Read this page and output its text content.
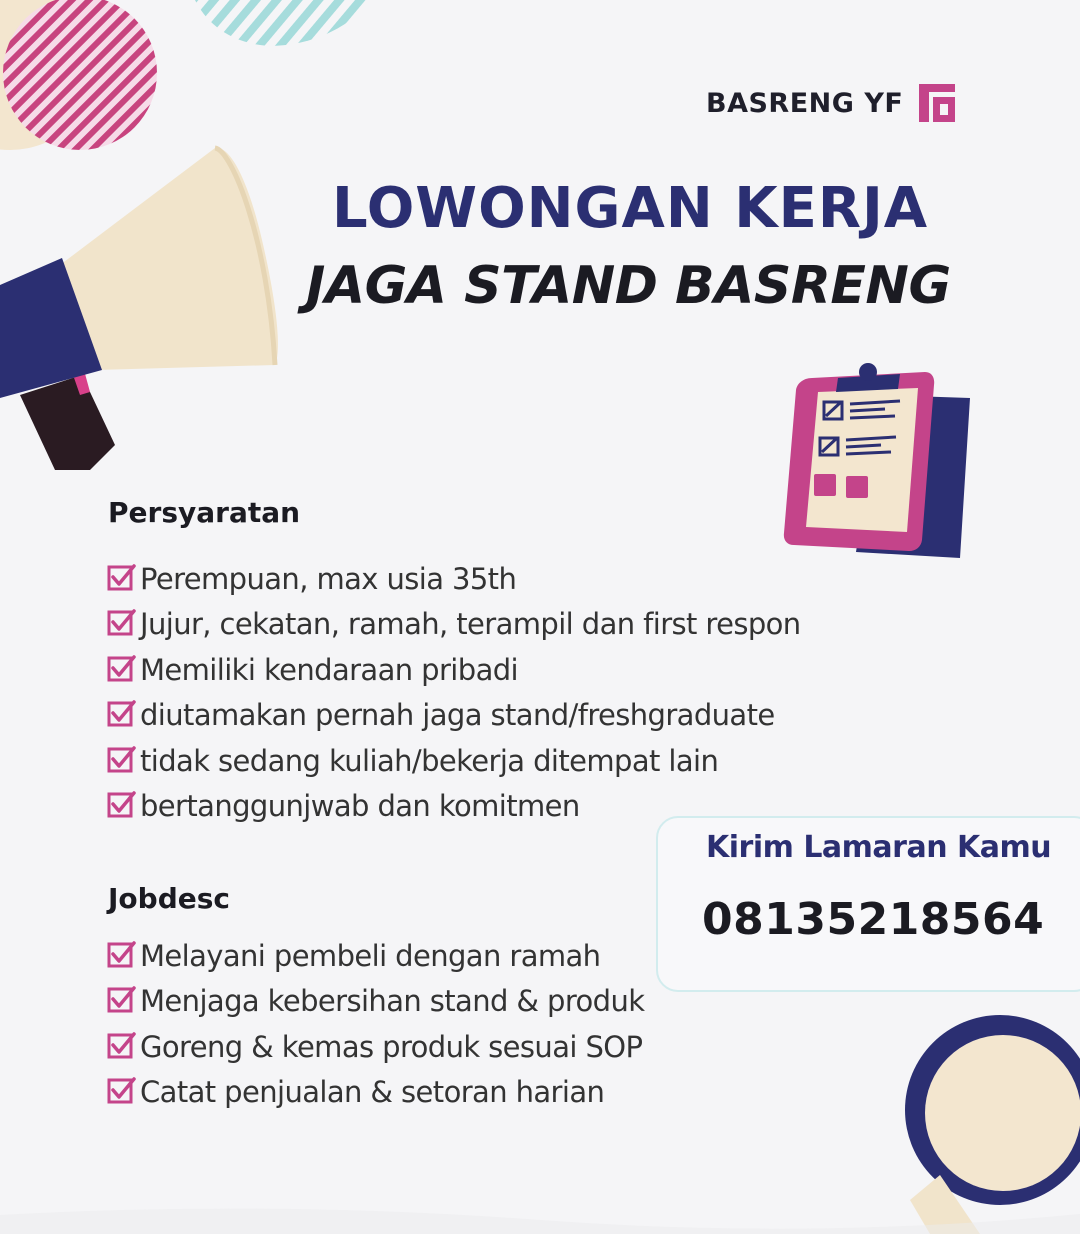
BASRENG YF
LOWONGAN KERJA
JAGA STAND BASRENG
Persyaratan
Perempuan, max usia 35th
Jujur, cekatan, ramah, terampil dan first respon
Memiliki kendaraan pribadi
diutamakan pernah jaga stand/freshgraduate
tidak sedang kuliah/bekerja ditempat lain
bertanggunjwab dan komitmen
Jobdesc
Melayani pembeli dengan ramah
Menjaga kebersihan stand & produk
Goreng & kemas produk sesuai SOP
Catat penjualan & setoran harian

Kirim Lamaran Kamu

08135218564
